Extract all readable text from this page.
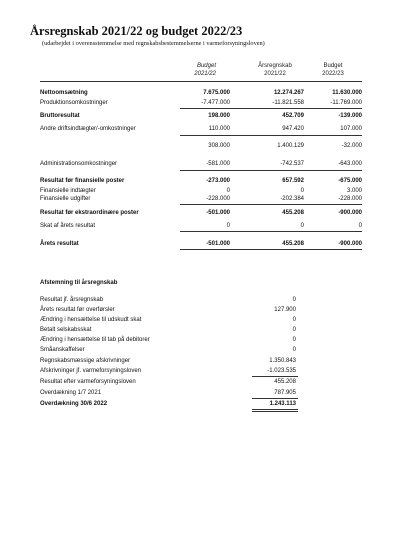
Årsregnskab 2021/22 og budget 2022/23
(udarbejdet i overensstemmelse med regnskabsbestemmelserne i varmeforsyningsloven)
Budget
2021/22
Årsregnskab
2021/22
Budget
2022/23
Nettoomsætning	7.675.000	12.274.267	11.630.000
Produktionsomkostninger	-7.477.000	-11.821.558	-11.769.000
Bruttoresultat	198.000	452.709	-139.000
Andre driftsindtægter/-omkostninger	110.000	947.420	107.000
308.000	1.400.129	-32.000
Administrationsomkostninger	-581.000	-742.537	-643.000
Resultat før finansielle poster	-273.000	657.592	-675.000
Finansielle indtægter	0	0	3.000
Finansielle udgifter	-228.000	-202.384	-228.000
Resultat før ekstraordinære poster	-501.000	455.208	-900.000
Skat af årets resultat	0	0	0
Årets resultat	-501.000	455.208	-900.000
Afstemning til årsregnskab
Resultat jf. årsregnskab	0
Årets resultat før overførsler	127.900
Ændring i hensættelse til udskudt skat	0
Betalt selskabsskat	0
Ændring i hensættelse til tab på debitorer	0
Småanskaffelser	0
Regnskabsmæssige afskrivninger	1.350.843
Afskrivninger jf. varmeforsyningsloven	-1.023.535
Resultat efter varmeforsyningsloven	455.208
Overdækning 1/7 2021	787.905
Overdækning 30/6 2022	1.243.113
